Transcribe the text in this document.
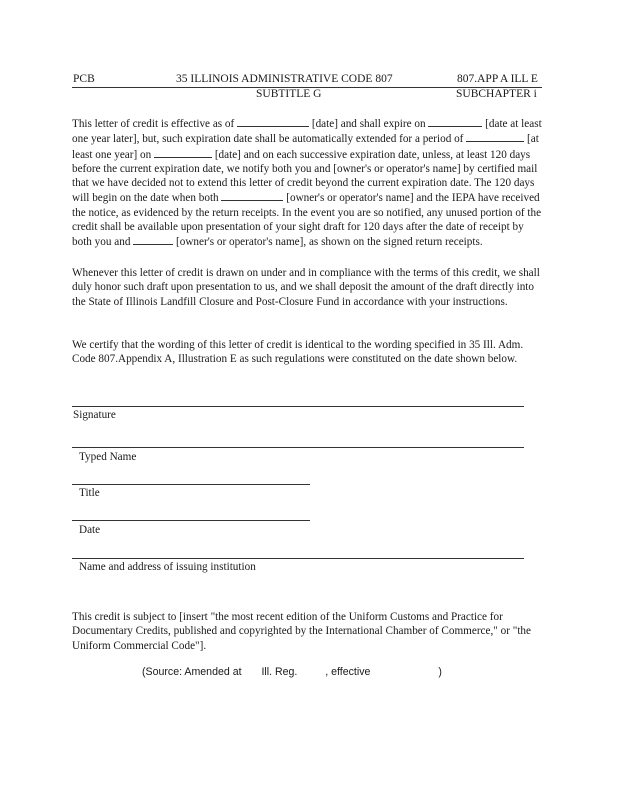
PCB	35 ILLINOIS ADMINISTRATIVE CODE 807	807.APP A ILL E
SUBTITLE G	SUBCHAPTER i

This letter of credit is effective as of	[date] and shall expire on	[date at least one year later], but, such expiration date shall be automatically extended for a period of	[at least one year] on	[date] and on each successive expiration date, unless, at least 120 days before the current expiration date, we notify both you and [owner's or operator's name] by certified mail that we have decided not to extend this letter of credit beyond the current expiration date. The 120 days will begin on the date when both	[owner's or operator's name] and the IEPA have received the notice, as evidenced by the return receipts. In the event you are so notified, any unused portion of the credit shall be available upon presentation of your sight draft for 120 days after the date of receipt by both you and	[owner's or operator's name], as shown on the signed return receipts.

Whenever this letter of credit is drawn on under and in compliance with the terms of this credit, we shall duly honor such draft upon presentation to us, and we shall deposit the amount of the draft directly into the State of Illinois Landfill Closure and Post-Closure Fund in accordance with your instructions.

We certify that the wording of this letter of credit is identical to the wording specified in 35 Ill. Adm. Code 807.Appendix A, Illustration E as such regulations were constituted on the date shown below.

Signature
Typed Name
Title
Date
Name and address of issuing institution

This credit is subject to [insert "the most recent edition of the Uniform Customs and Practice for Documentary Credits, published and copyrighted by the International Chamber of Commerce," or "the Uniform Commercial Code"].

(Source: Amended at Ill. Reg.	, effective	)
